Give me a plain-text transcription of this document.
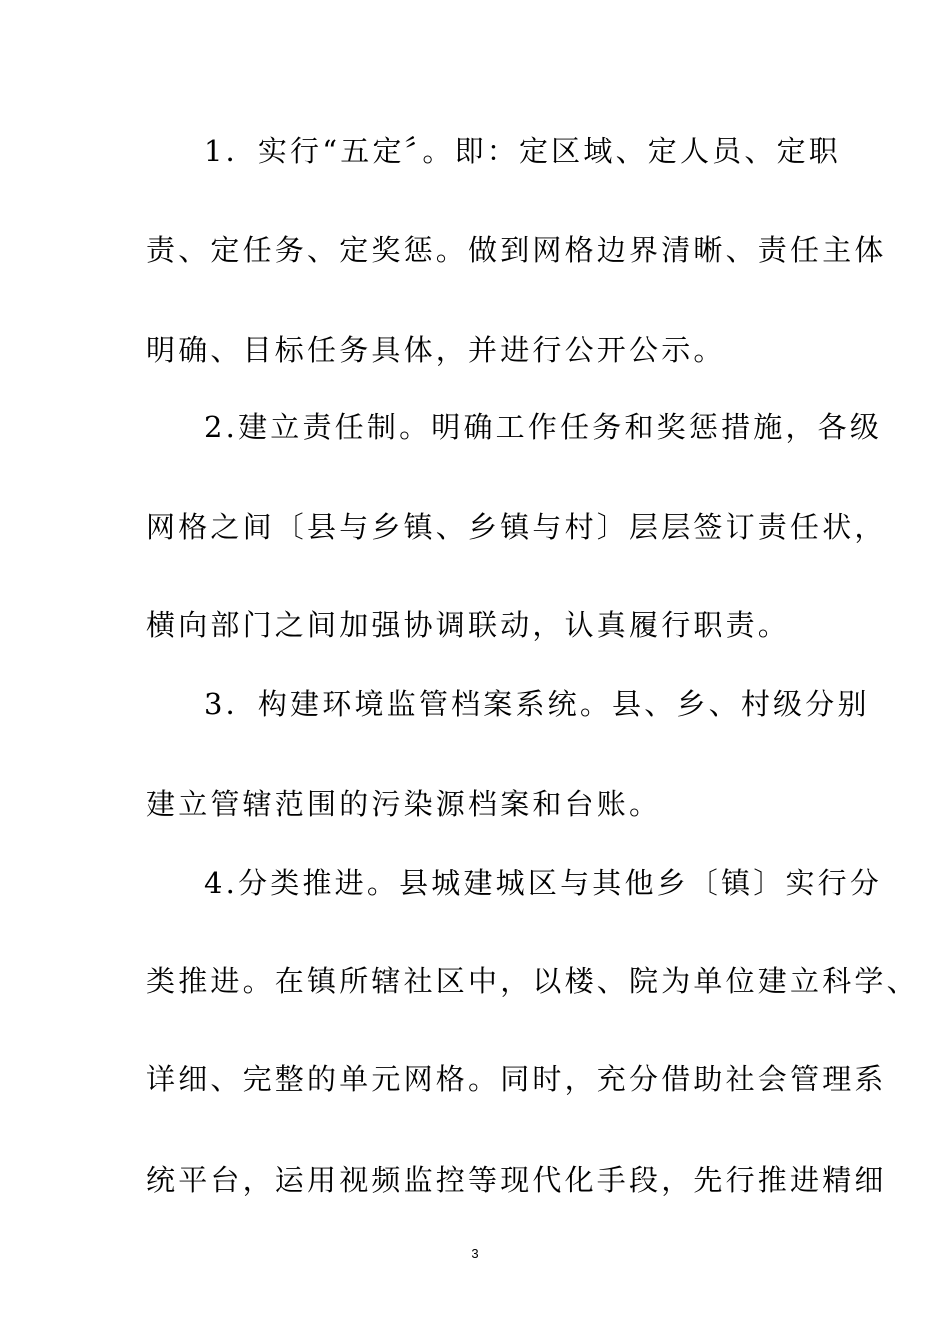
1．实行“五定〞。即：定区域、定人员、定职
责、定任务、定奖惩。做到网格边界清晰、责任主体
明确、目标任务具体，并进行公开公示。
2.建立责任制。明确工作任务和奖惩措施，各级
网格之间〔县与乡镇、乡镇与村〕层层签订责任状，
横向部门之间加强协调联动，认真履行职责。
3．构建环境监管档案系统。县、乡、村级分别
建立管辖范围的污染源档案和台账。
4.分类推进。县城建城区与其他乡〔镇〕实行分
类推进。在镇所辖社区中，以楼、院为单位建立科学、
详细、完整的单元网格。同时，充分借助社会管理系
统平台，运用视频监控等现代化手段，先行推进精细
3
